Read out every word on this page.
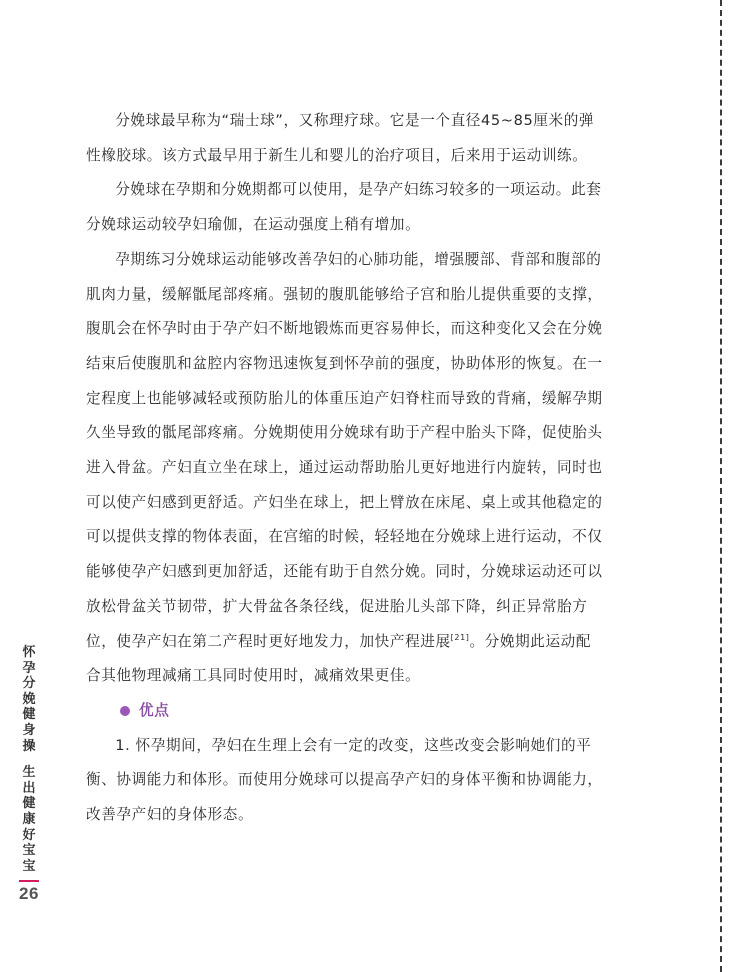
分娩球最早称为“瑞士球”，又称理疗球。它是一个直径45~85厘米的弹性橡胶球。该方式最早用于新生儿和婴儿的治疗项目，后来用于运动训练。

分娩球在孕期和分娩期都可以使用，是孕产妇练习较多的一项运动。此套分娩球运动较孕妇瑜伽，在运动强度上稍有增加。

孕期练习分娩球运动能够改善孕妇的心肺功能，增强腰部、背部和腹部的肌肉力量，缓解骶尾部疼痛。强韧的腹肌能够给子宫和胎儿提供重要的支撑，腹肌会在怀孕时由于孕产妇不断地锻炼而更容易伸长，而这种变化又会在分娩结束后使腹肌和盆腔内容物迅速恢复到怀孕前的强度，协助体形的恢复。在一定程度上也能够减轻或预防胎儿的体重压迫产妇脊柱而导致的背痛，缓解孕期久坐导致的骶尾部疼痛。分娩期使用分娩球有助于产程中胎头下降，促使胎头进入骨盆。产妇直立坐在球上，通过运动帮助胎儿更好地进行内旋转，同时也可以使产妇感到更舒适。产妇坐在球上，把上臂放在床尾、桌上或其他稳定的可以提供支撑的物体表面，在宫缩的时候，轻轻地在分娩球上进行运动，不仅能够使孕产妇感到更加舒适，还能有助于自然分娩。同时，分娩球运动还可以放松骨盆关节韧带，扩大骨盆各条径线，促进胎儿头部下降，纠正异常胎方位，使孕产妇在第二产程时更好地发力，加快产程进展[21]。分娩期此运动配合其他物理减痛工具同时使用时，减痛效果更佳。

优点

1. 怀孕期间，孕妇在生理上会有一定的改变，这些改变会影响她们的平衡、协调能力和体形。而使用分娩球可以提高孕产妇的身体平衡和协调能力，改善孕产妇的身体形态。

怀孕分娩健身操
生出健康好宝宝
26
